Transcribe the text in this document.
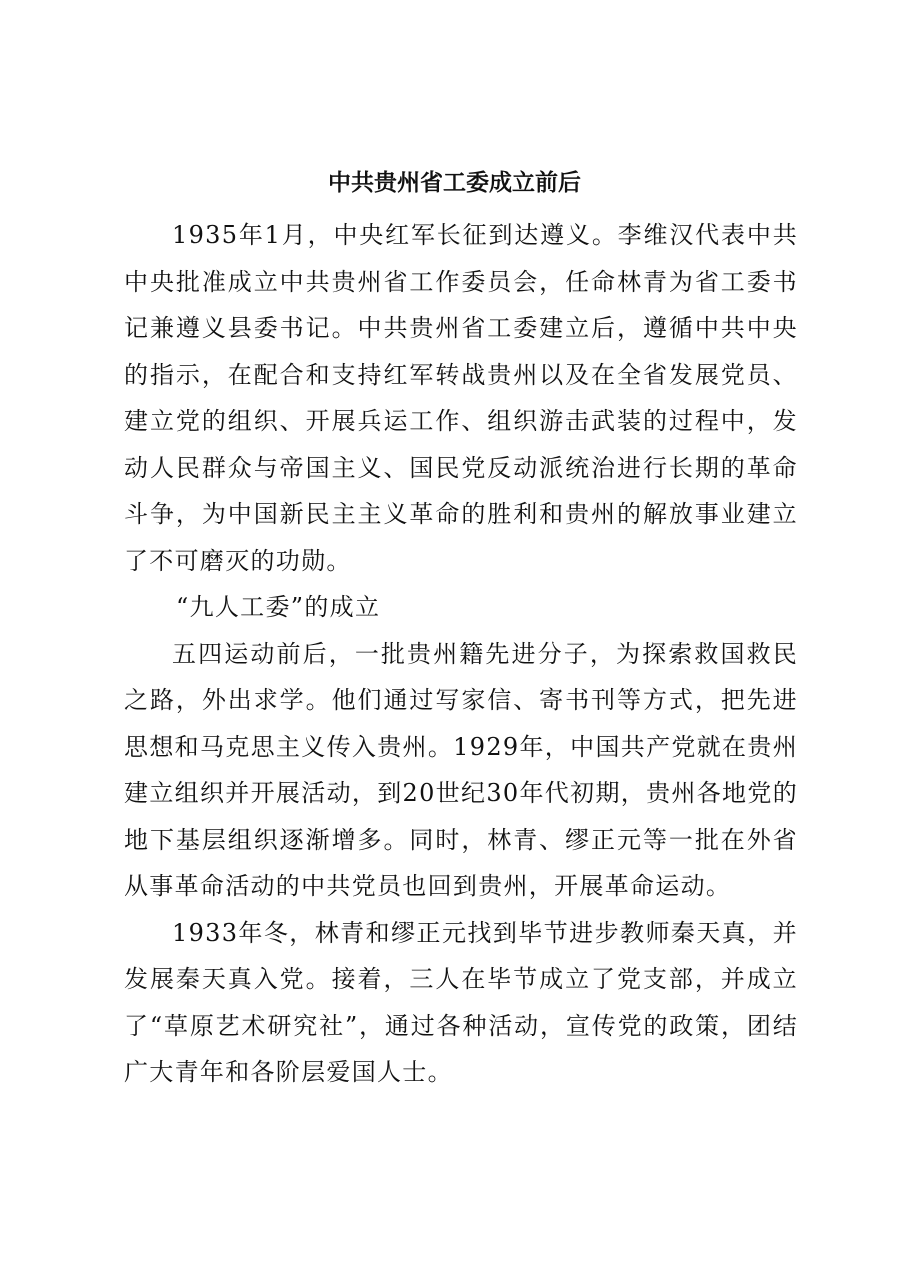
中共贵州省工委成立前后

1935年1月，中央红军长征到达遵义。李维汉代表中共中央批准成立中共贵州省工作委员会，任命林青为省工委书记兼遵义县委书记。中共贵州省工委建立后，遵循中共中央的指示，在配合和支持红军转战贵州以及在全省发展党员、建立党的组织、开展兵运工作、组织游击武装的过程中，发动人民群众与帝国主义、国民党反动派统治进行长期的革命斗争，为中国新民主主义革命的胜利和贵州的解放事业建立了不可磨灭的功勋。

“九人工委”的成立

五四运动前后，一批贵州籍先进分子，为探索救国救民之路，外出求学。他们通过写家信、寄书刊等方式，把先进思想和马克思主义传入贵州。1929年，中国共产党就在贵州建立组织并开展活动，到20世纪30年代初期，贵州各地党的地下基层组织逐渐增多。同时，林青、缪正元等一批在外省从事革命活动的中共党员也回到贵州，开展革命运动。

1933年冬，林青和缪正元找到毕节进步教师秦天真，并发展秦天真入党。接着，三人在毕节成立了党支部，并成立了“草原艺术研究社”，通过各种活动，宣传党的政策，团结广大青年和各阶层爱国人士。
